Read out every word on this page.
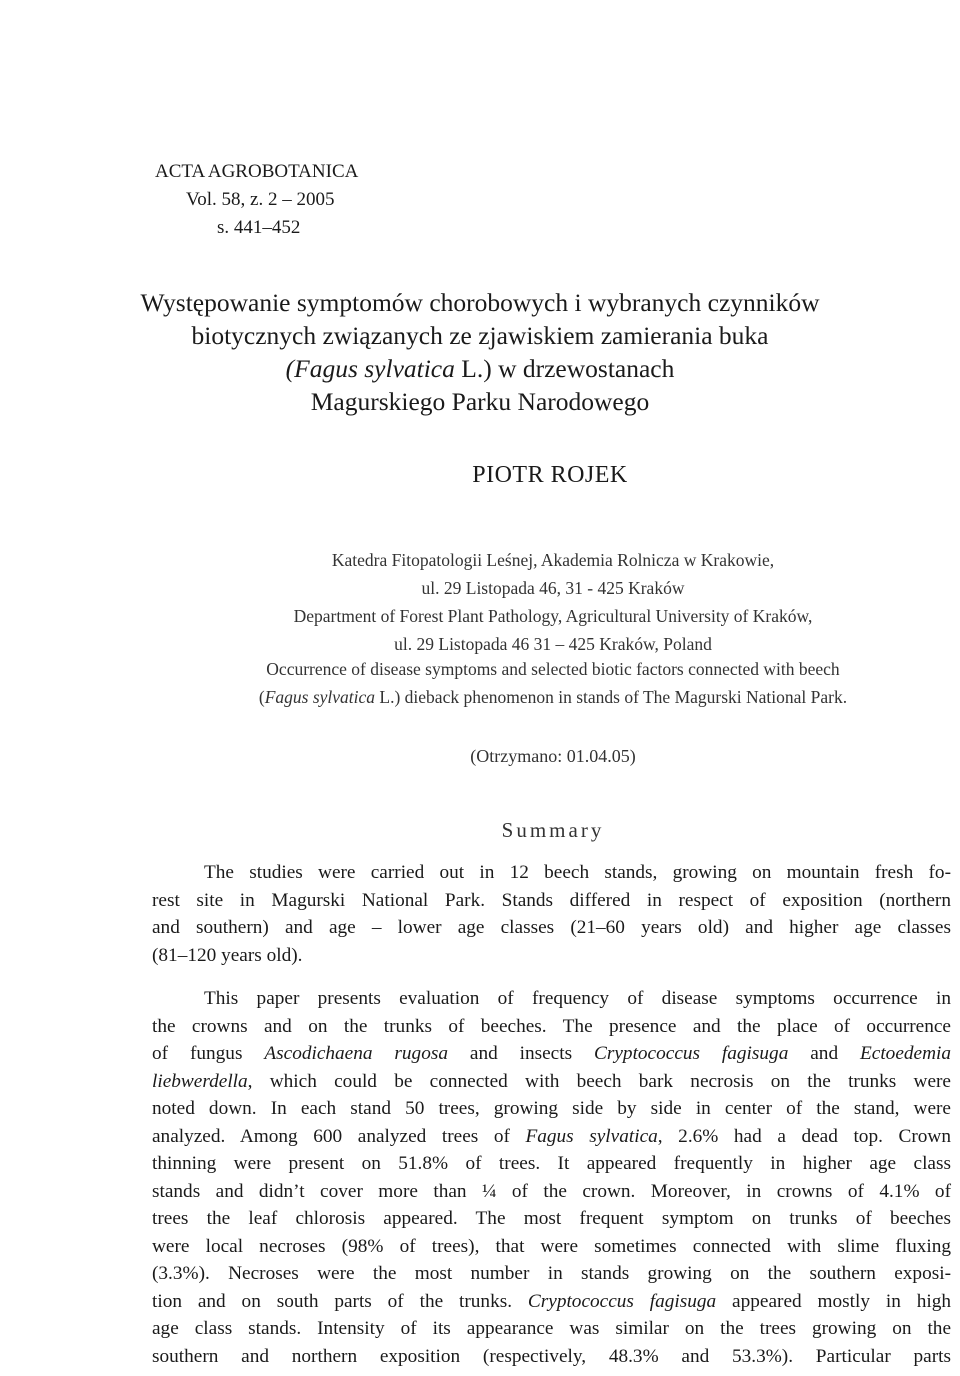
ACTA AGROBOTANICA
Vol. 58, z. 2 – 2005
s. 441–452
Występowanie symptomów chorobowych i wybranych czynników
biotycznych związanych ze zjawiskiem zamierania buka
(Fagus sylvatica L.) w drzewostanach
Magurskiego Parku Narodowego
PIOTR ROJEK
Katedra Fitopatologii Leśnej, Akademia Rolnicza w Krakowie,
ul. 29 Listopada 46, 31 - 425 Kraków
Department of Forest Plant Pathology, Agricultural University of Kraków,
ul. 29 Listopada 46 31 – 425 Kraków, Poland
Occurrence of disease symptoms and selected biotic factors connected with beech
(Fagus sylvatica L.) dieback phenomenon in stands of The Magurski National Park.
(Otrzymano: 01.04.05)
Summary
The studies were carried out in 12 beech stands, growing on mountain fresh fo-
rest site in Magurski National Park. Stands differed in respect of exposition (northern
and southern) and age – lower age classes (21–60 years old) and higher age classes
(81–120 years old).
This paper presents evaluation of frequency of disease symptoms occurrence in
the crowns and on the trunks of beeches. The presence and the place of occurrence
of fungus Ascodichaena rugosa and insects Cryptococcus fagisuga and Ectoedemia
liebwerdella, which could be connected with beech bark necrosis on the trunks were
noted down. In each stand 50 trees, growing side by side in center of the stand, were
analyzed. Among 600 analyzed trees of Fagus sylvatica, 2.6% had a dead top. Crown
thinning were present on 51.8% of trees. It appeared frequently in higher age class
stands and didn’t cover more than ¼ of the crown. Moreover, in crowns of 4.1% of
trees the leaf chlorosis appeared. The most frequent symptom on trunks of beeches
were local necroses (98% of trees), that were sometimes connected with slime fluxing
(3.3%). Necroses were the most number in stands growing on the southern exposi-
tion and on south parts of the trunks. Cryptococcus fagisuga appeared mostly in high
age class stands. Intensity of its appearance was similar on the trees growing on the
southern and northern exposition (respectively, 48.3% and 53.3%). Particular parts
